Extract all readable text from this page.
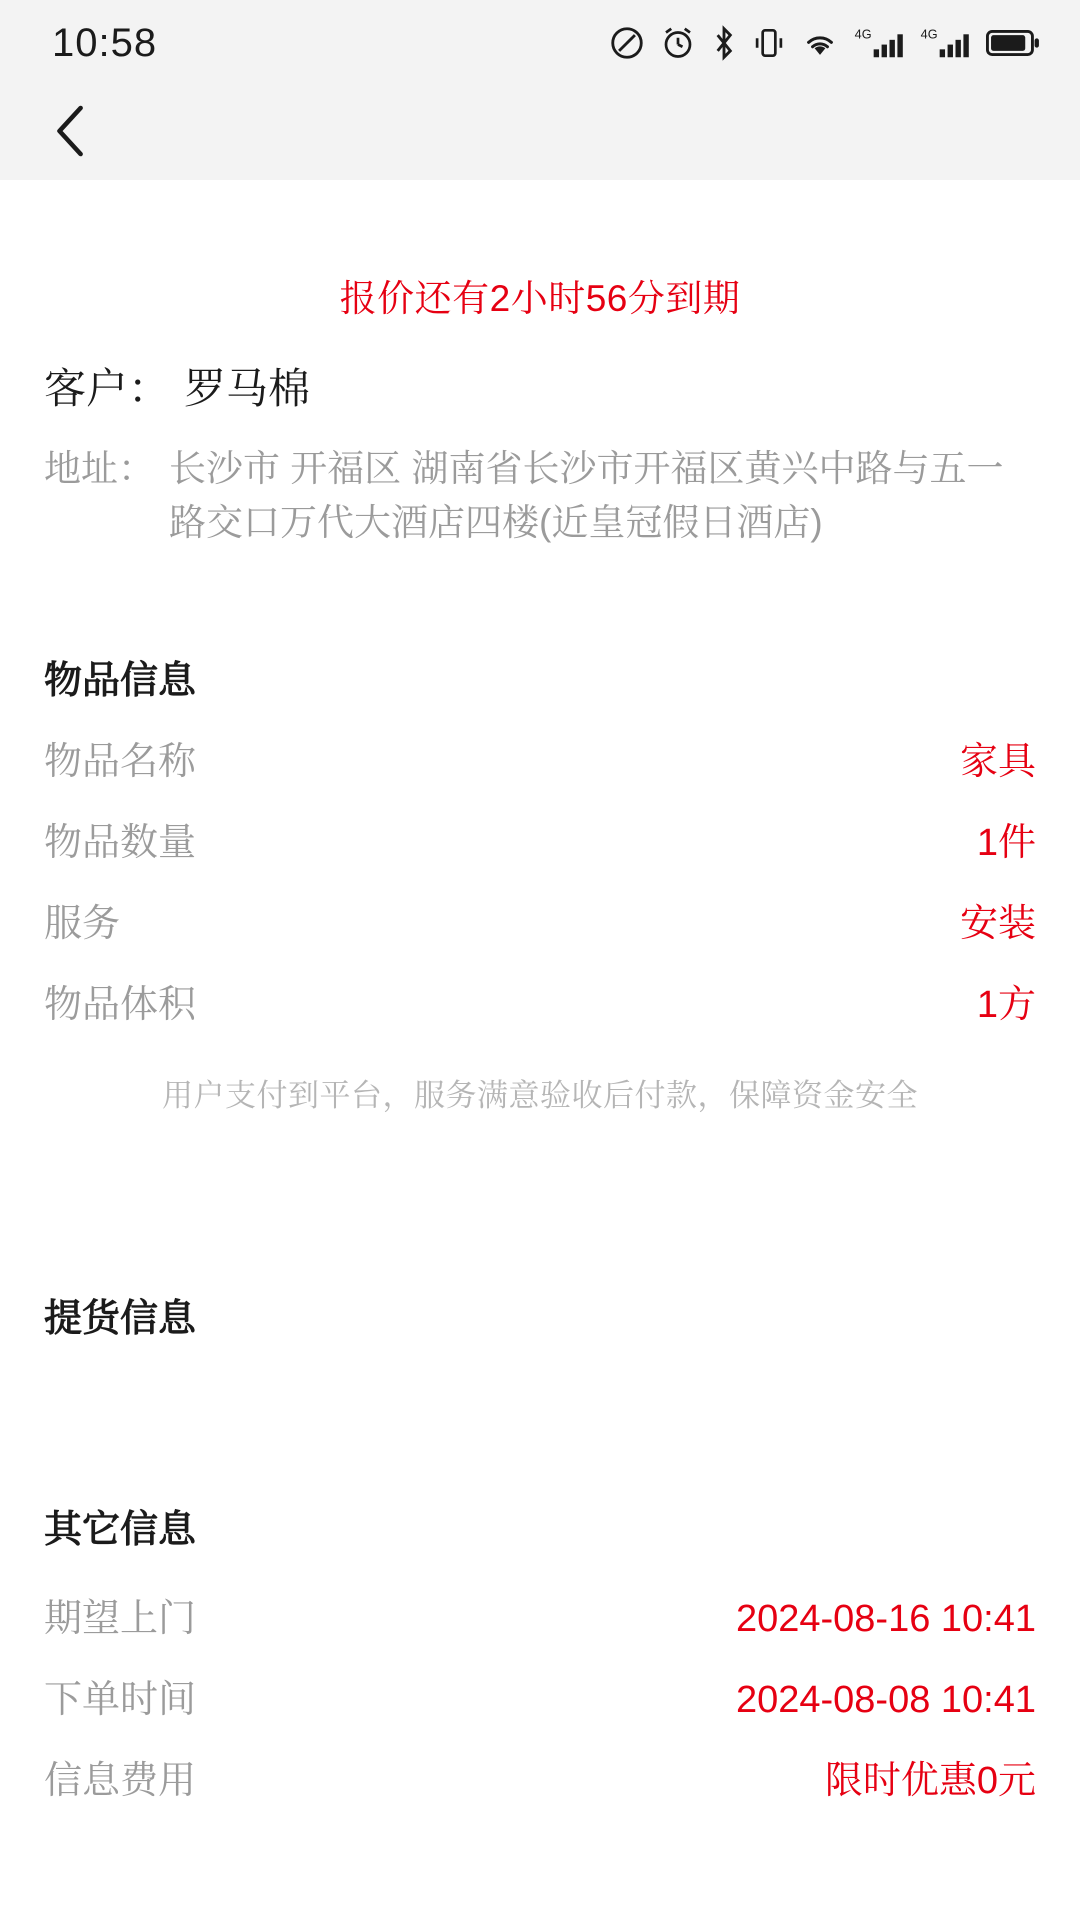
10:58	4G	4G
报价还有2小时56分到期
客户： 罗马棉
地址： 长沙市 开福区 湖南省长沙市开福区黄兴中路与五一路交口万代大酒店四楼(近皇冠假日酒店)
物品信息
物品名称	家具
物品数量	1件
服务	安装
物品体积	1方
用户支付到平台，服务满意验收后付款，保障资金安全
提货信息
其它信息
期望上门	2024-08-16 10:41
下单时间	2024-08-08 10:41
信息费用	限时优惠0元
